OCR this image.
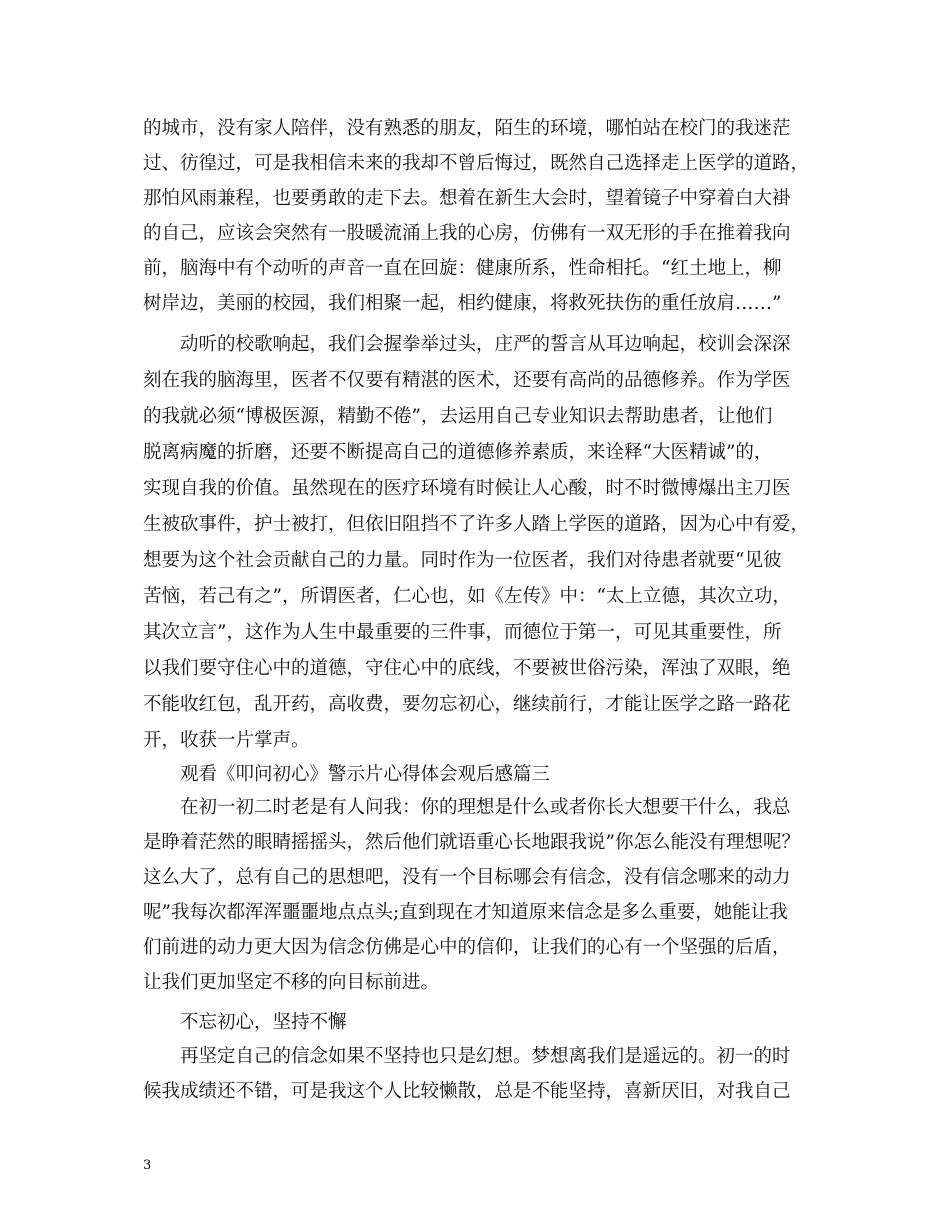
的城市，没有家人陪伴，没有熟悉的朋友，陌生的环境，哪怕站在校门的我迷茫
过、彷徨过，可是我相信未来的我却不曾后悔过，既然自己选择走上医学的道路，
那怕风雨兼程，也要勇敢的走下去。想着在新生大会时，望着镜子中穿着白大褂
的自己，应该会突然有一股暖流涌上我的心房，仿佛有一双无形的手在推着我向
前，脑海中有个动听的声音一直在回旋：健康所系，性命相托。“红土地上，柳
树岸边，美丽的校园，我们相聚一起，相约健康，将救死扶伤的重任放肩……”
动听的校歌响起，我们会握拳举过头，庄严的誓言从耳边响起，校训会深深
刻在我的脑海里，医者不仅要有精湛的医术，还要有高尚的品德修养。作为学医
的我就必须“博极医源，精勤不倦”，去运用自己专业知识去帮助患者，让他们
脱离病魔的折磨，还要不断提高自己的道德修养素质，来诠释“大医精诚”的，
实现自我的价值。虽然现在的医疗环境有时候让人心酸，时不时微博爆出主刀医
生被砍事件，护士被打，但依旧阻挡不了许多人踏上学医的道路，因为心中有爱，
想要为这个社会贡献自己的力量。同时作为一位医者，我们对待患者就要“见彼
苦恼，若己有之”，所谓医者，仁心也，如《左传》中：“太上立德，其次立功，
其次立言”，这作为人生中最重要的三件事，而德位于第一，可见其重要性，所
以我们要守住心中的道德，守住心中的底线，不要被世俗污染，浑浊了双眼，绝
不能收红包，乱开药，高收费，要勿忘初心，继续前行，才能让医学之路一路花
开，收获一片掌声。
观看《叩问初心》警示片心得体会观后感篇三
在初一初二时老是有人问我：你的理想是什么或者你长大想要干什么，我总
是睁着茫然的眼睛摇摇头，然后他们就语重心长地跟我说”你怎么能没有理想呢？
这么大了，总有自己的思想吧，没有一个目标哪会有信念，没有信念哪来的动力
呢”我每次都浑浑噩噩地点点头;直到现在才知道原来信念是多么重要，她能让我
们前进的动力更大因为信念仿佛是心中的信仰，让我们的心有一个坚强的后盾，
让我们更加坚定不移的向目标前进。
不忘初心，坚持不懈
再坚定自己的信念如果不坚持也只是幻想。梦想离我们是遥远的。初一的时
候我成绩还不错，可是我这个人比较懒散，总是不能坚持，喜新厌旧，对我自己
3
